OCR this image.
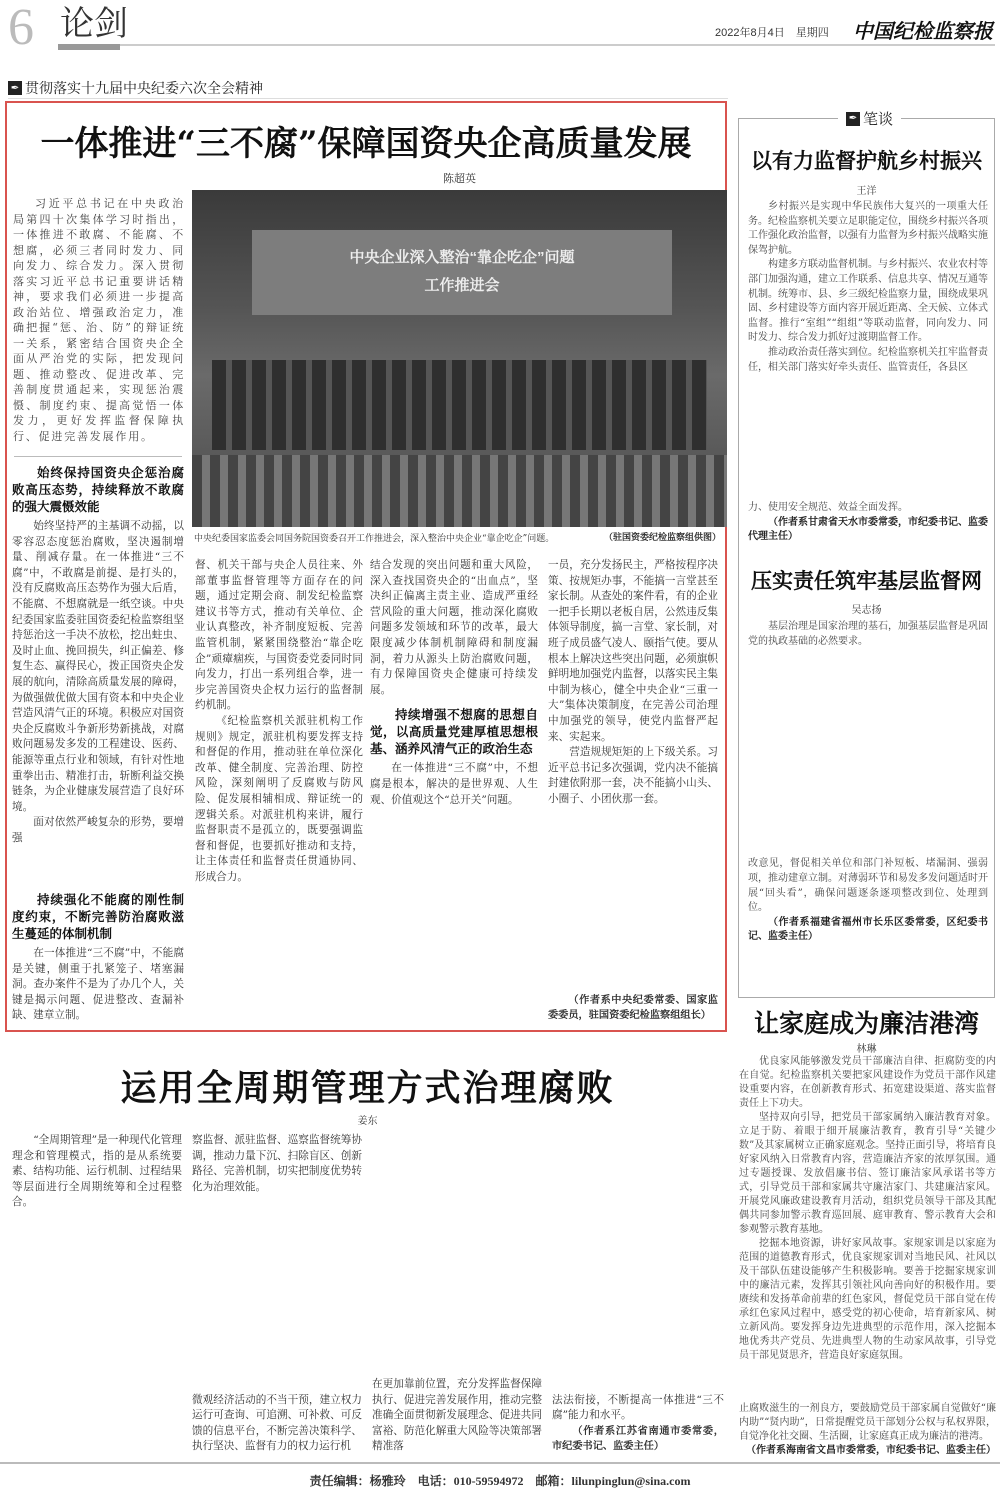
6 论剑	2022年8月4日　星期四 中国纪检监察报
✒ 贯彻落实十九届中央纪委六次全会精神
一体推进“三不腐”保障国资央企高质量发展
陈超英

习近平总书记在中央政治局第四十次集体学习时指出，一体推进不敢腐、不能腐、不想腐，必须三者同时发力、同向发力、综合发力。深入贯彻落实习近平总书记重要讲话精神，要求我们必须进一步提高政治站位、增强政治定力，准确把握“惩、治、防”的辩证统一关系，紧密结合国资央企全面从严治党的实际，把发现问题、推动整改、促进改革、完善制度贯通起来，实现惩治震慑、制度约束、提高觉悟一体发力，更好发挥监督保障执行、促进完善发展作用。

中央企业深入整治“靠企吃企”问题
工作推进会
中央纪委国家监委会同国务院国资委召开工作推进会，深入整治中央企业“靠企吃企”问题。	（驻国资委纪检监察组供图）
始终保持国资央企惩治腐败高压态势，持续释放不敢腐的强大震慑效能

始终坚持严的主基调不动摇，以零容忍态度惩治腐败，坚决遏制增量、削减存量。在一体推进“三不腐”中，不敢腐是前提、是打头的，没有反腐败高压态势作为强大后盾，不能腐、不想腐就是一纸空谈。中央纪委国家监委驻国资委纪检监察组坚持惩治这一手决不放松，挖出蛀虫、及时止血、挽回损失，纠正偏差、修复生态、赢得民心，拨正国资央企发展的航向，清除高质量发展的障碍，为做强做优做大国有资本和中央企业营造风清气正的环境。积极应对国资央企反腐败斗争新形势新挑战，对腐败问题易发多发的工程建设、医药、能源等重点行业和领域，有针对性地重拳出击、精准打击，斩断利益交换链条，为企业健康发展营造了良好环境。

面对依然严峻复杂的形势，要增强

持续强化不能腐的刚性制度约束，不断完善防治腐败滋生蔓延的体制机制

在一体推进“三不腐”中，不能腐是关键，侧重于扎紧笼子、堵塞漏洞。查办案件不是为了办几个人，关键是揭示问题、促进整改、查漏补缺、建章立制。

督、机关干部与央企人员往来、外部董事监督管理等方面存在的问题，通过定期会商、制发纪检监察建议书等方式，推动有关单位、企业认真整改，补齐制度短板、完善监管机制，紧紧围绕整治“靠企吃企”顽瘴痼疾，与国资委党委同时同向发力，打出一系列组合拳，进一步完善国资央企权力运行的监督制约机制。

《纪检监察机关派驻机构工作规则》规定，派驻机构要发挥支持和督促的作用，推动驻在单位深化改革、健全制度、完善治理、防控风险，深刻阐明了反腐败与防风险、促发展相辅相成、辩证统一的逻辑关系。对派驻机构来讲，履行监督职责不是孤立的，既要强调监督和督促，也要抓好推动和支持，让主体责任和监督责任贯通协同、形成合力。

结合发现的突出问题和重大风险，深入查找国资央企的“出血点”，坚决纠正偏离主责主业、造成严重经营风险的重大问题，推动深化腐败问题多发领域和环节的改革，最大限度减少体制机制障碍和制度漏洞，着力从源头上防治腐败问题，有力保障国资央企健康可持续发展。

持续增强不想腐的思想自觉，以高质量党建厚植思想根基、涵养风清气正的政治生态

在一体推进“三不腐”中，不想腐是根本，解决的是世界观、人生观、价值观这个“总开关”问题。

一员，充分发扬民主，严格按程序决策、按规矩办事，不能搞一言堂甚至家长制。从查处的案件看，有的企业一把手长期以老板自居，公然违反集体领导制度，搞一言堂、家长制，对班子成员盛气凌人、颐指气使。要从根本上解决这些突出问题，必须旗帜鲜明地加强党内监督，以落实民主集中制为核心，健全中央企业“三重一大”集体决策制度，在完善公司治理中加强党的领导，使党内监督严起来、实起来。

营造规规矩矩的上下级关系。习近平总书记多次强调，党内决不能搞封建依附那一套，决不能搞小山头、小圈子、小团伙那一套。

（作者系中央纪委常委、国家监委委员，驻国资委纪检监察组组长）

✒ 笔谈
以有力监督护航乡村振兴
王洋

乡村振兴是实现中华民族伟大复兴的一项重大任务。纪检监察机关要立足职能定位，围绕乡村振兴各项工作强化政治监督，以强有力监督为乡村振兴战略实施保驾护航。

构建多方联动监督机制。与乡村振兴、农业农村等部门加强沟通，建立工作联系、信息共享、情况互通等机制。统筹市、县、乡三级纪检监察力量，围绕成果巩固、乡村建设等方面内容开展近距离、全天候、立体式监督。推行“室组”“组组”等联动监督，同向发力、同时发力、综合发力抓好过渡期监督工作。

推动政治责任落实到位。纪检监察机关扛牢监督责任，相关部门落实好牵头责任、监管责任，各县区

力、使用安全规范、效益全面发挥。

（作者系甘肃省天水市委常委，市纪委书记、监委代理主任）

压实责任筑牢基层监督网
吴志扬

基层治理是国家治理的基石，加强基层监督是巩固党的执政基础的必然要求。

改意见，督促相关单位和部门补短板、堵漏洞、强弱项，推动建章立制。对薄弱环节和易发多发问题适时开展“回头看”，确保问题逐条逐项整改到位、处理到位。

（作者系福建省福州市长乐区委常委，区纪委书记、监委主任）

让家庭成为廉洁港湾
林琳

优良家风能够激发党员干部廉洁自律、拒腐防变的内在自觉。纪检监察机关要把家风建设作为党员干部作风建设重要内容，在创新教育形式、拓宽建设渠道、落实监督责任上下功夫。

坚持双向引导，把党员干部家属纳入廉洁教育对象。立足于防、着眼于细开展廉洁教育，教育引导“关键少数”及其家属树立正确家庭观念。坚持正面引导，将培育良好家风纳入日常教育内容，营造廉洁齐家的浓厚氛围。通过专题授课、发放倡廉书信、签订廉洁家风承诺书等方式，引导党员干部和家属共守廉洁家门、共建廉洁家风。开展党风廉政建设教育月活动，组织党员领导干部及其配偶共同参加警示教育巡回展、庭审教育、警示教育大会和参观警示教育基地。

挖掘本地资源，讲好家风故事。家规家训是以家庭为范围的道德教育形式，优良家规家训对当地民风、社风以及干部队伍建设能够产生积极影响。要善于挖掘家规家训中的廉洁元素，发挥其引领社风向善向好的积极作用。要赓续和发扬革命前辈的红色家风，督促党员干部自觉在传承红色家风过程中，感受党的初心使命，培育新家风、树立新风尚。要发挥身边先进典型的示范作用，深入挖掘本地优秀共产党员、先进典型人物的生动家风故事，引导党员干部见贤思齐，营造良好家庭氛围。

止腐败滋生的一剂良方，要鼓励党员干部家属自觉做好“廉内助”“贤内助”，日常提醒党员干部划分公权与私权界限，自觉净化社交圈、生活圈，让家庭真正成为廉洁的港湾。

（作者系海南省文昌市委常委，市纪委书记、监委主任）

运用全周期管理方式治理腐败
姜东

“全周期管理”是一种现代化管理理念和管理模式，指的是从系统要素、结构功能、运行机制、过程结果等层面进行全周期统筹和全过程整合。

察监督、派驻监督、巡察监督统筹协调，推动力量下沉、扫除盲区、创新路径、完善机制，切实把制度优势转化为治理效能。

微观经济活动的不当干预，建立权力运行可查询、可追溯、可补救、可反馈的信息平台，不断完善决策科学、执行坚决、监督有力的权力运行机

在更加靠前位置，充分发挥监督保障执行、促进完善发展作用，推动完整准确全面贯彻新发展理念、促进共同富裕、防范化解重大风险等决策部署精准落

法法衔接，不断提高一体推进“三不腐”能力和水平。

（作者系江苏省南通市委常委，市纪委书记、监委主任）

责任编辑：杨雅玲　电话：010-59594972　邮箱：lilunpinglun@sina.com
